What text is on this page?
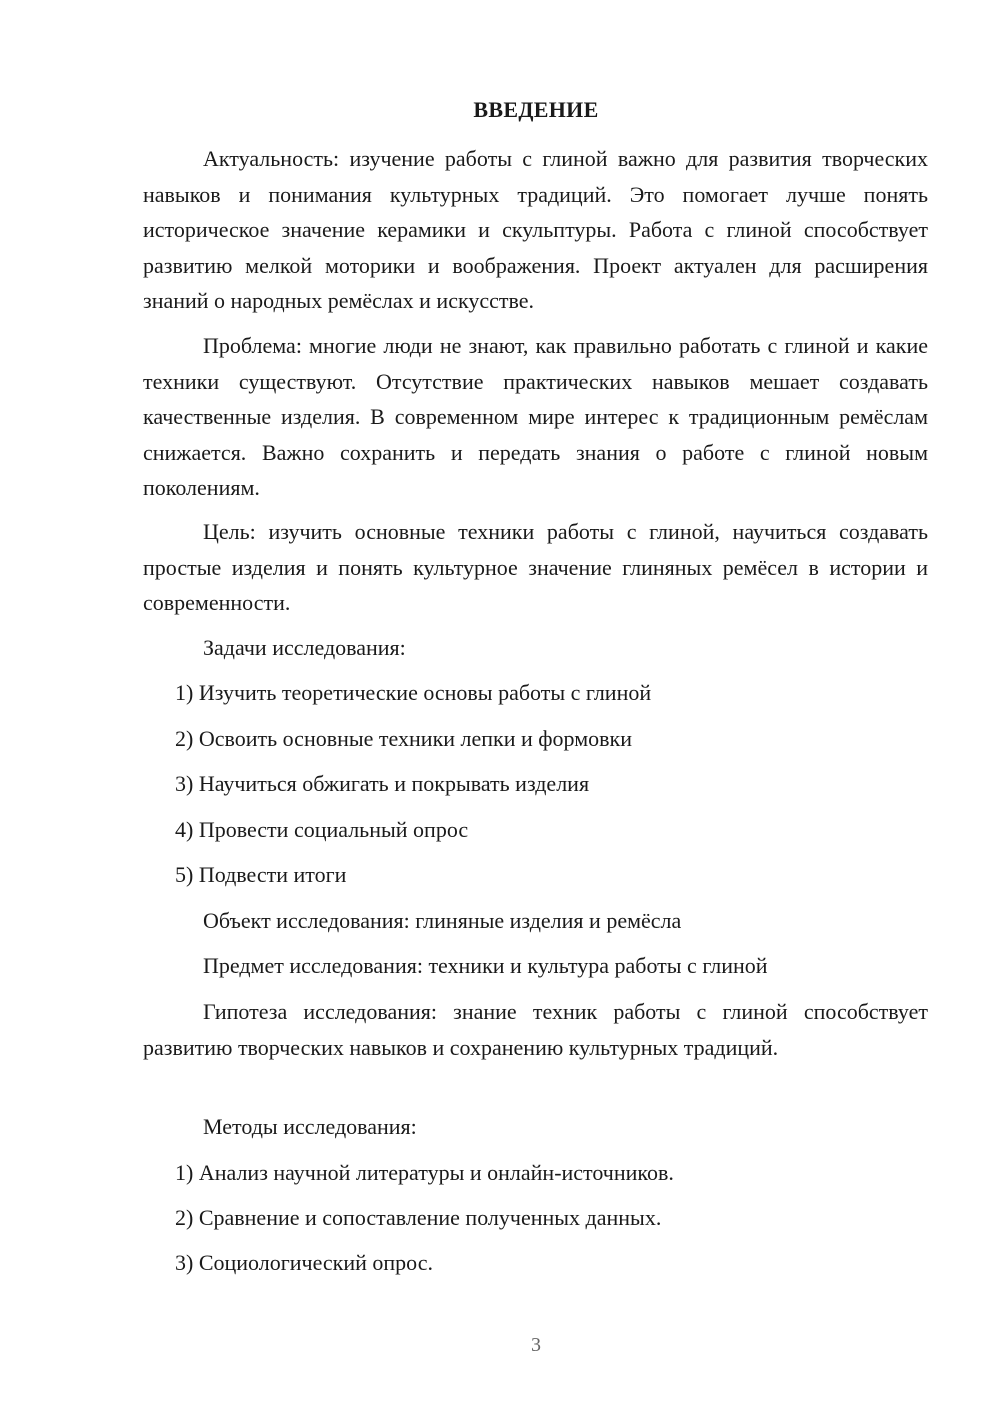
ВВЕДЕНИЕ

Актуальность: изучение работы с глиной важно для развития творческих навыков и понимания культурных традиций. Это помогает лучше понять историческое значение керамики и скульптуры. Работа с глиной способствует развитию мелкой моторики и воображения. Проект актуален для расширения знаний о народных ремёслах и искусстве.

Проблема: многие люди не знают, как правильно работать с глиной и какие техники существуют. Отсутствие практических навыков мешает создавать качественные изделия. В современном мире интерес к традиционным ремёслам снижается. Важно сохранить и передать знания о работе с глиной новым поколениям.

Цель: изучить основные техники работы с глиной, научиться создавать простые изделия и понять культурное значение глиняных ремёсел в истории и современности.

Задачи исследования:

1) Изучить теоретические основы работы с глиной

2) Освоить основные техники лепки и формовки

3) Научиться обжигать и покрывать изделия

4) Провести социальный опрос

5) Подвести итоги

Объект исследования: глиняные изделия и ремёсла

Предмет исследования: техники и культура работы с глиной

Гипотеза исследования: знание техник работы с глиной способствует развитию творческих навыков и сохранению культурных традиций.

Методы исследования:

1) Анализ научной литературы и онлайн-источников.

2) Сравнение и сопоставление полученных данных.

3) Социологический опрос.

3
